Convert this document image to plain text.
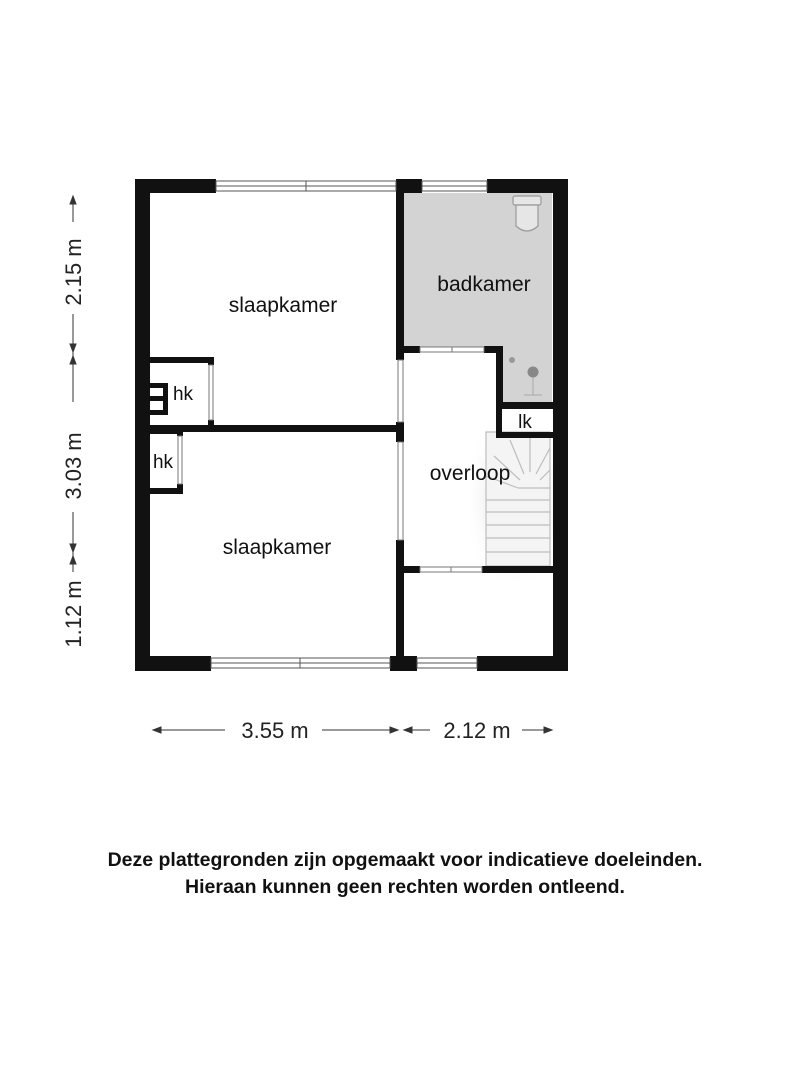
slaapkamer
badkamer
overloop
slaapkamer
hk
hk
lk
2.15 m
3.03 m
1.12 m
3.55 m	2.12 m
Deze plattegronden zijn opgemaakt voor indicatieve doeleinden.
Hieraan kunnen geen rechten worden ontleend.
